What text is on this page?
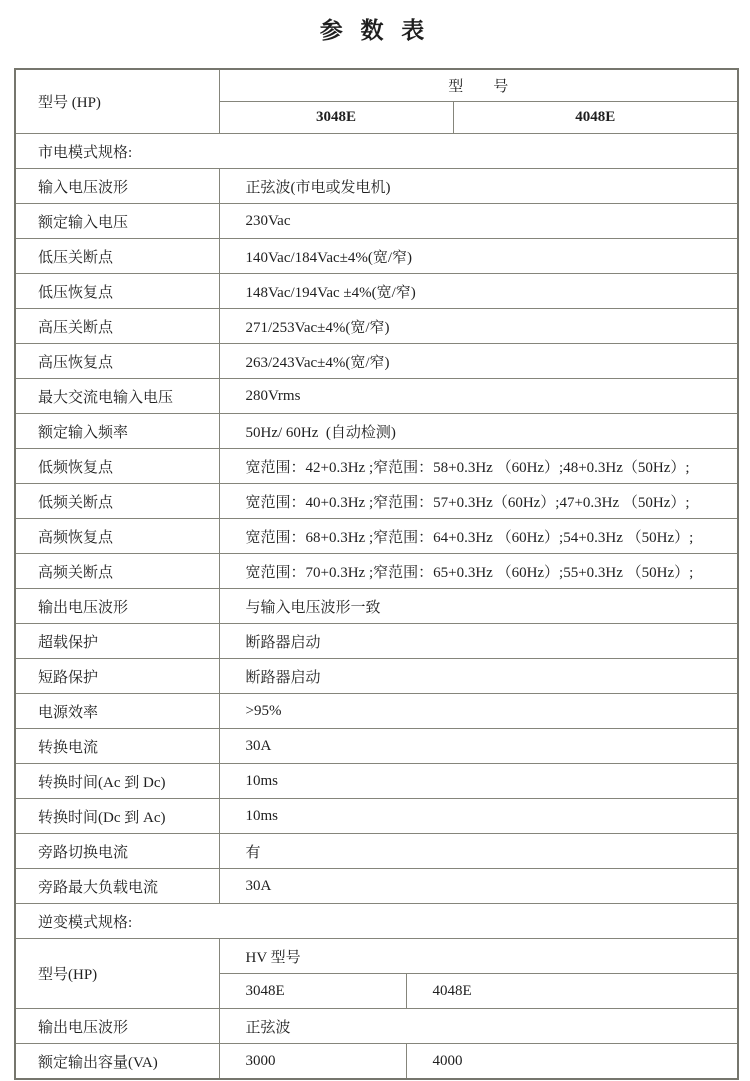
参 数 表
型号 (HP)	型        号		
	3048E		4048E
市电模式规格:			
输入电压波形	正弦波(市电或发电机)		
额定输入电压	230Vac		
低压关断点	140Vac/184Vac±4%(宽/窄)		
低压恢复点	148Vac/194Vac ±4%(宽/窄)		
高压关断点	271/253Vac±4%(宽/窄)		
高压恢复点	263/243Vac±4%(宽/窄)		
最大交流电输入电压	280Vrms		
额定输入频率	50Hz/ 60Hz  (自动检测)		
低频恢复点	宽范围：42+0.3Hz ;窄范围：58+0.3Hz （60Hz）;48+0.3Hz（50Hz）;		
低频关断点	宽范围：40+0.3Hz ;窄范围：57+0.3Hz（60Hz）;47+0.3Hz （50Hz）;		
高频恢复点	宽范围：68+0.3Hz ;窄范围：64+0.3Hz （60Hz）;54+0.3Hz （50Hz）;		
高频关断点	宽范围：70+0.3Hz ;窄范围：65+0.3Hz （60Hz）;55+0.3Hz （50Hz）;		
输出电压波形	与输入电压波形一致		
超载保护	断路器启动		
短路保护	断路器启动		
电源效率	>95%		
转换电流	30A		
转换时间(Ac 到 Dc)	10ms		
转换时间(Dc 到 Ac)	10ms		
旁路切换电流	有		
旁路最大负载电流	30A		
逆变模式规格:			
型号(HP)	HV 型号		
	3048E	4048E	
输出电压波形	正弦波		
额定输出容量(VA)	3000	4000	
